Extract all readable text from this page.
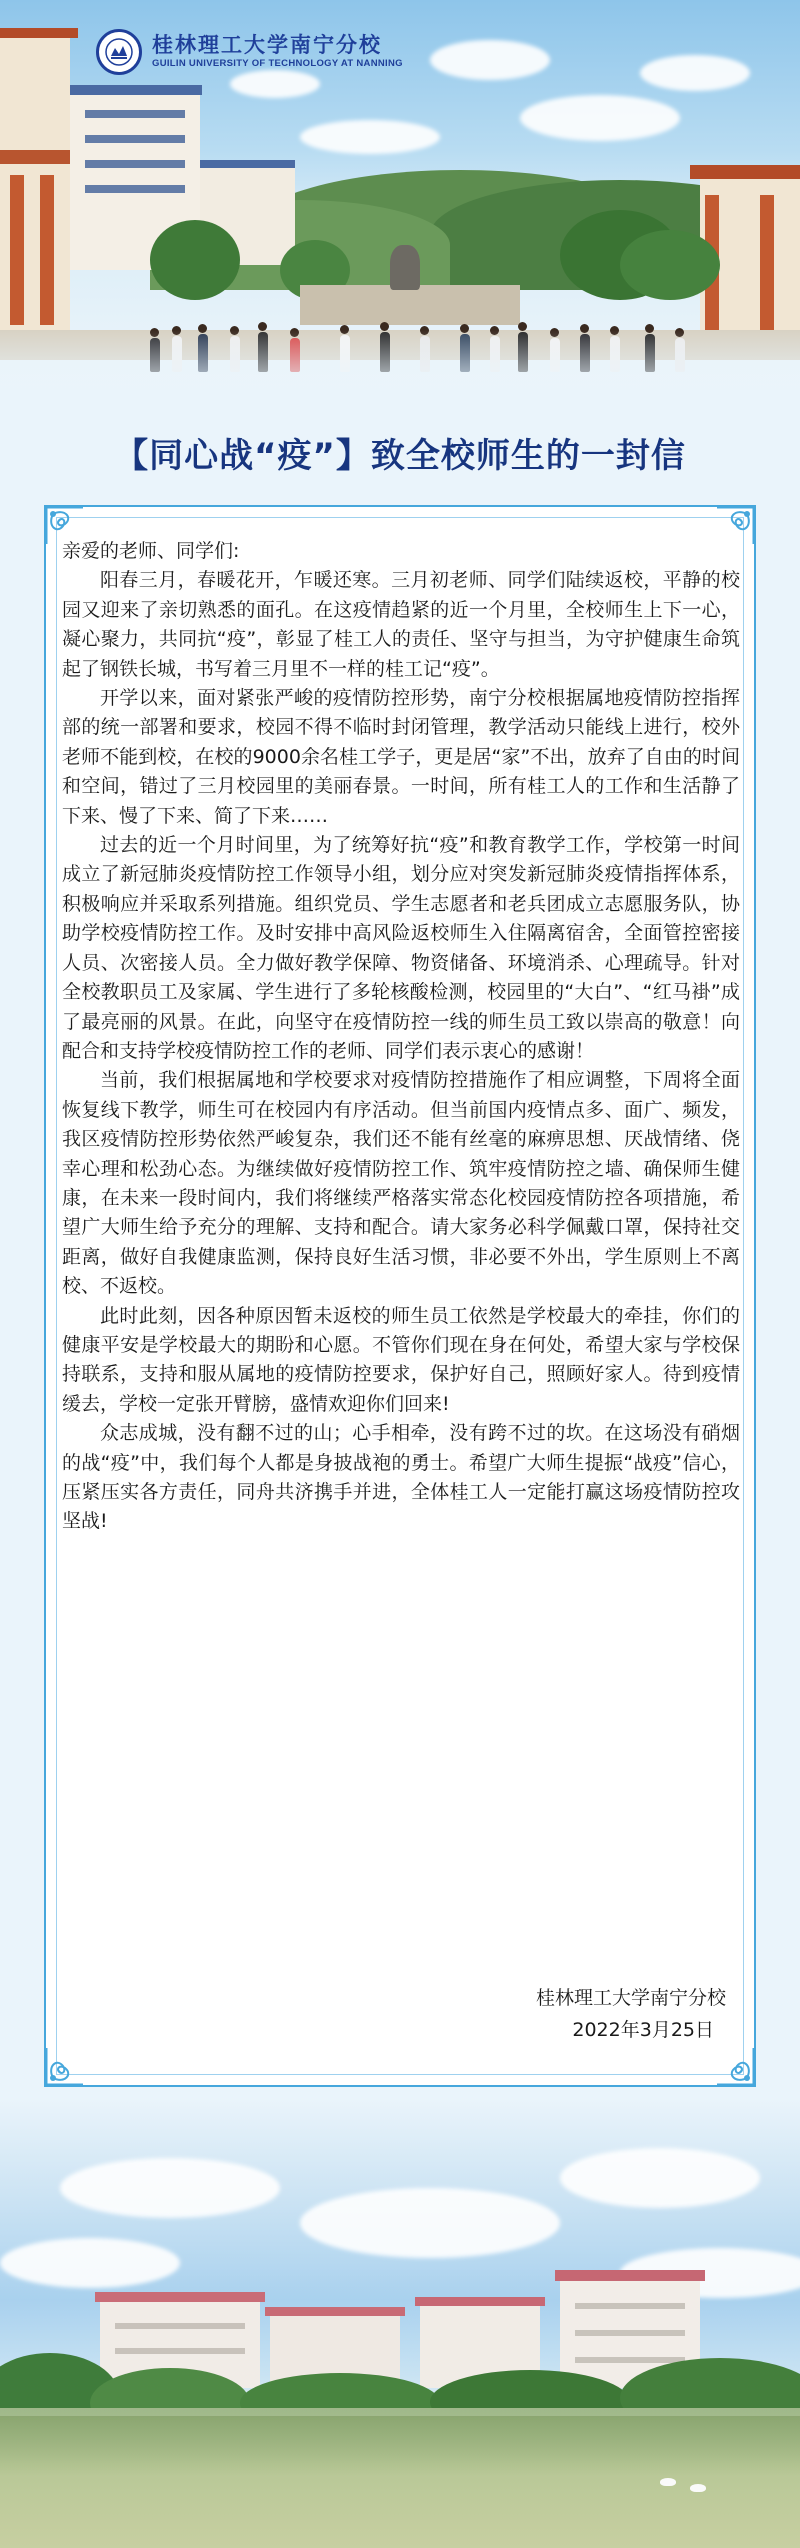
桂林理工大学南宁分校
GUILIN UNIVERSITY OF TECHNOLOGY AT NANNING
【同心战“疫”】致全校师生的一封信

亲爱的老师、同学们:

阳春三月，春暖花开，乍暖还寒。三月初老师、同学们陆续返校，平静的校园又迎来了亲切熟悉的面孔。在这疫情趋紧的近一个月里，全校师生上下一心，凝心聚力，共同抗“疫”，彰显了桂工人的责任、坚守与担当，为守护健康生命筑起了钢铁长城，书写着三月里不一样的桂工记“疫”。

开学以来，面对紧张严峻的疫情防控形势，南宁分校根据属地疫情防控指挥部的统一部署和要求，校园不得不临时封闭管理，教学活动只能线上进行，校外老师不能到校，在校的9000余名桂工学子，更是居“家”不出，放弃了自由的时间和空间，错过了三月校园里的美丽春景。一时间，所有桂工人的工作和生活静了下来、慢了下来、简了下来……

过去的近一个月时间里，为了统筹好抗“疫”和教育教学工作，学校第一时间成立了新冠肺炎疫情防控工作领导小组，划分应对突发新冠肺炎疫情指挥体系，积极响应并采取系列措施。组织党员、学生志愿者和老兵团成立志愿服务队，协助学校疫情防控工作。及时安排中高风险返校师生入住隔离宿舍，全面管控密接人员、次密接人员。全力做好教学保障、物资储备、环境消杀、心理疏导。针对全校教职员工及家属、学生进行了多轮核酸检测，校园里的“大白”、“红马褂”成了最亮丽的风景。在此，向坚守在疫情防控一线的师生员工致以崇高的敬意！向配合和支持学校疫情防控工作的老师、同学们表示衷心的感谢！

当前，我们根据属地和学校要求对疫情防控措施作了相应调整，下周将全面恢复线下教学，师生可在校园内有序活动。但当前国内疫情点多、面广、频发，我区疫情防控形势依然严峻复杂，我们还不能有丝毫的麻痹思想、厌战情绪、侥幸心理和松劲心态。为继续做好疫情防控工作、筑牢疫情防控之墙、确保师生健康，在未来一段时间内，我们将继续严格落实常态化校园疫情防控各项措施，希望广大师生给予充分的理解、支持和配合。请大家务必科学佩戴口罩，保持社交距离，做好自我健康监测，保持良好生活习惯，非必要不外出，学生原则上不离校、不返校。

此时此刻，因各种原因暂未返校的师生员工依然是学校最大的牵挂，你们的健康平安是学校最大的期盼和心愿。不管你们现在身在何处，希望大家与学校保持联系，支持和服从属地的疫情防控要求，保护好自己，照顾好家人。待到疫情缓去，学校一定张开臂膀，盛情欢迎你们回来!

众志成城，没有翻不过的山；心手相牵，没有跨不过的坎。在这场没有硝烟的战“疫”中，我们每个人都是身披战袍的勇士。希望广大师生提振“战疫”信心，压紧压实各方责任，同舟共济携手并进，全体桂工人一定能打赢这场疫情防控攻坚战!

桂林理工大学南宁分校
2022年3月25日
